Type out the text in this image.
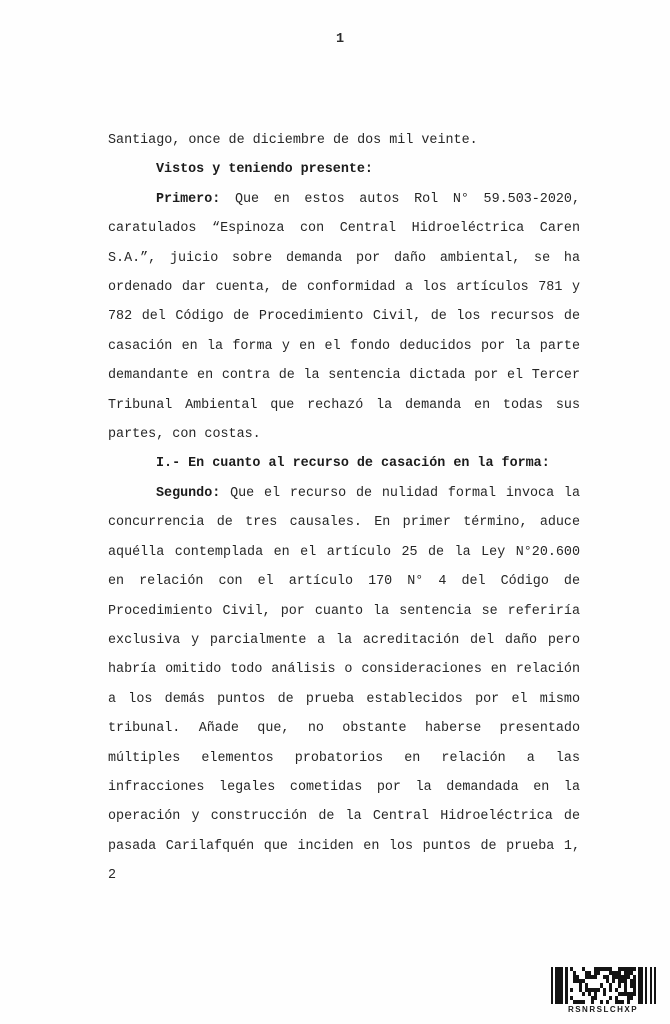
1

Santiago, once de diciembre de dos mil veinte.

Vistos y teniendo presente:

Primero: Que en estos autos Rol N° 59.503-2020, caratulados “Espinoza con Central Hidroeléctrica Caren S.A.”, juicio sobre demanda por daño ambiental, se ha ordenado dar cuenta, de conformidad a los artículos 781 y 782 del Código de Procedimiento Civil, de los recursos de casación en la forma y en el fondo deducidos por la parte demandante en contra de la sentencia dictada por el Tercer Tribunal Ambiental que rechazó la demanda en todas sus partes, con costas.

I.- En cuanto al recurso de casación en la forma:

Segundo: Que el recurso de nulidad formal invoca la concurrencia de tres causales. En primer término, aduce aquélla contemplada en el artículo 25 de la Ley N°20.600 en relación con el artículo 170 N° 4 del Código de Procedimiento Civil, por cuanto la sentencia se referiría exclusiva y parcialmente a la acreditación del daño pero habría omitido todo análisis o consideraciones en relación a los demás puntos de prueba establecidos por el mismo tribunal. Añade que, no obstante haberse presentado múltiples elementos probatorios en relación a las infracciones legales cometidas por la demandada en la operación y construcción de la Central Hidroeléctrica de pasada Carilafquén que inciden en los puntos de prueba 1, 2

RSNRSLCHXP
